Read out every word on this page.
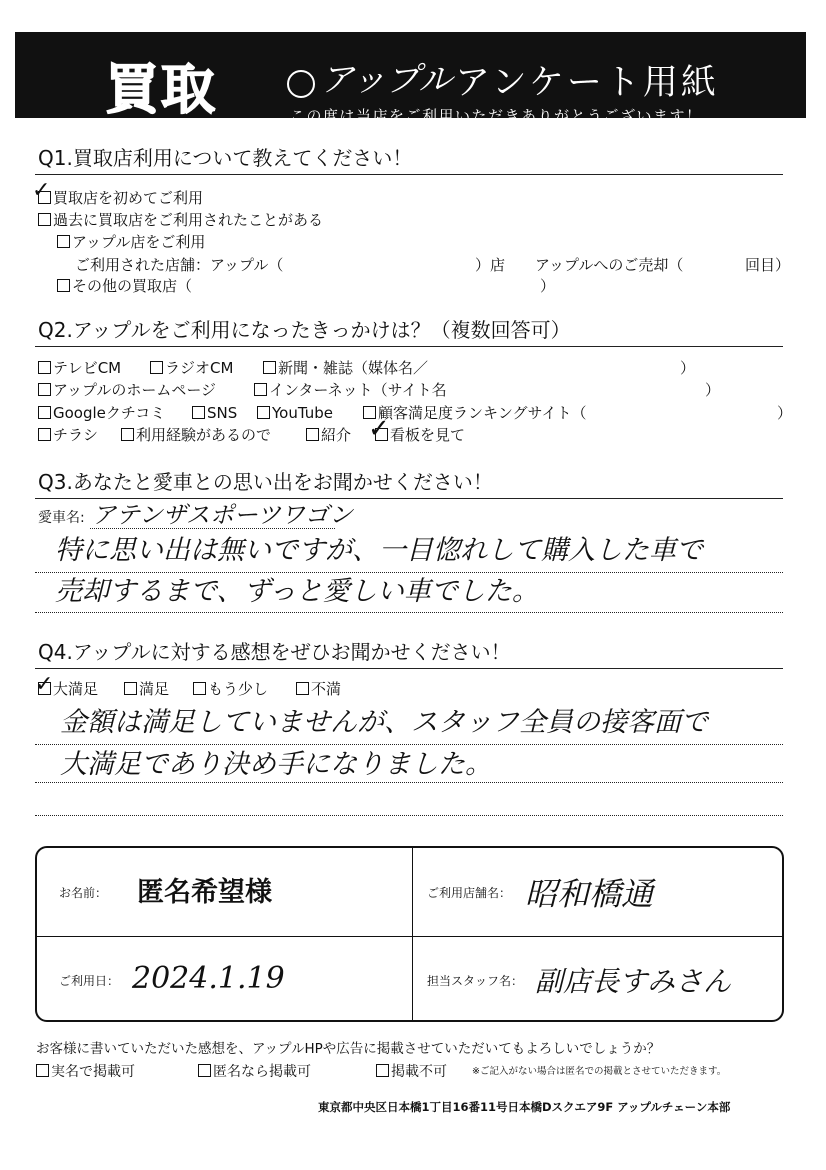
買取	アップル アンケート用紙
この度は当店をご利用いただきありがとうございます！
Q1.買取店利用について教えてください！
買取店を初めてご利用
✓
過去に買取店をご利用されたことがある
アップル店をご利用
ご利用された店舗：アップル（	）店 アップルへのご売却（	回目）
その他の買取店（	）
Q2.アップルをご利用になったきっかけは？（複数回答可）
テレビCM	ラジオCM	新聞・雑誌（媒体名／	）
アップルのホームページ	インターネット（サイト名	）
Googleクチコミ	SNS	YouTube	顧客満足度ランキングサイト（	）
チラシ	利用経験があるので	紹介	看板を見て
✓
Q3.あなたと愛車との思い出をお聞かせください！
愛車名: アテンザスポーツワゴン
特に思い出は無いですが、一目惚れして購入した車で
売却するまで、ずっと愛しい車でした。
Q4.アップルに対する感想をぜひお聞かせください！
大満足
✓	満足	もう少し	不満
金額は満足していませんが、スタッフ全員の接客面で
大満足であり決め手になりました。
お名前： 匿名希望様	ご利用店舗名： 昭和橋通
ご利用日： 2024.1.19	担当スタッフ名： 副店長すみさん
お客様に書いていただいた感想を、アップルHPや広告に掲載させていただいてもよろしいでしょうか？
実名で掲載可	匿名なら掲載可	掲載不可	※ご記入がない場合は匿名での掲載とさせていただきます。
東京都中央区日本橋1丁目16番11号日本橋Dスクエア9F アップルチェーン本部
